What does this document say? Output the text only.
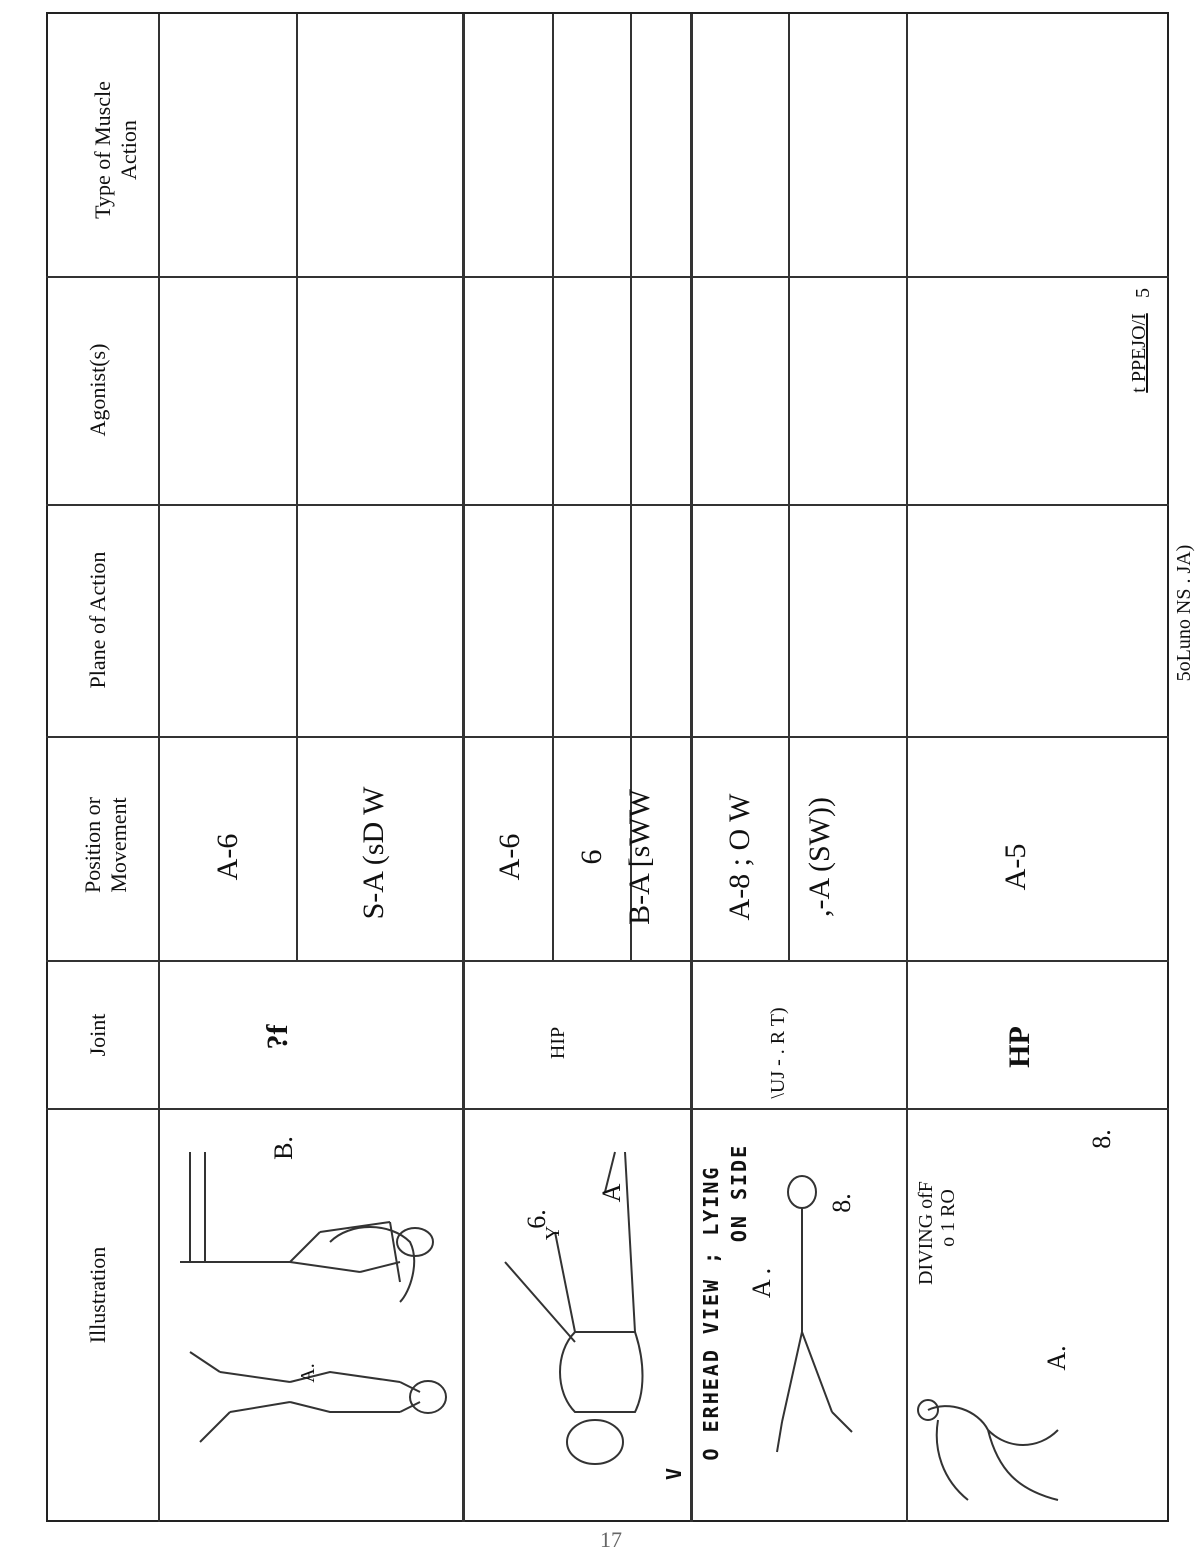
5oLuno NS . JA)
t PPEJO/I
5
Type of Muscle
Action
Agonist(s)
Plane of Action
Position or
Movement
Joint
Illustration
A-6	S-A (sD W
?f
B.
A.
A-6 6 B-A [sWW
HIP
A
6.
Y
A-8 ; O W ,-A (SW))
\UJ - . R T)
V
O ERHEAD VIEW ; LYING ON SIDE
A .
8.
A-5
HP
DIVING ofF o 1 RO
A.
8.
17
